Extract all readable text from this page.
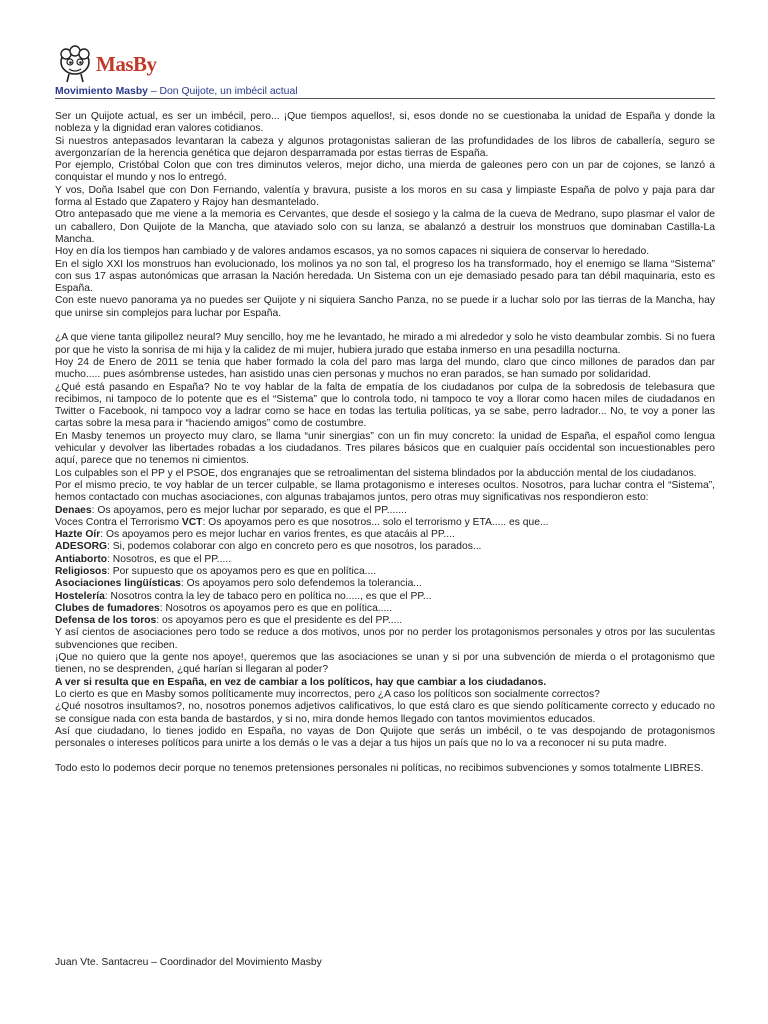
MasBy
Movimiento Masby – Don Quijote, un imbécil actual

Ser un Quijote actual, es ser un imbécil, pero... ¡Que tiempos aquellos!, si, esos donde no se cuestionaba la unidad de España y donde la nobleza y la dignidad eran valores cotidianos.

Si nuestros antepasados levantaran la cabeza y algunos protagonistas salieran de las profundidades de los libros de caballería, seguro se avergonzarían de la herencia genética que dejaron desparramada por estas tierras de España.

Por ejemplo, Cristóbal Colon que con tres diminutos veleros, mejor dicho, una mierda de galeones pero con un par de cojones, se lanzó a conquistar el mundo y nos lo entregó.

Y vos, Doña Isabel que con Don Fernando, valentía y bravura, pusiste a los moros en su casa y limpiaste España de polvo y paja para dar forma al Estado que Zapatero y Rajoy han desmantelado.

Otro antepasado que me viene a la memoria es Cervantes, que desde el sosiego y la calma de la cueva de Medrano, supo plasmar el valor de un caballero, Don Quijote de la Mancha, que ataviado solo con su lanza, se abalanzó a destruir los monstruos que dominaban Castilla-La Mancha.

Hoy en día los tiempos han cambiado y de valores andamos escasos, ya no somos capaces ni siquiera de conservar lo heredado.

En el siglo XXI los monstruos han evolucionado, los molinos ya no son tal, el progreso los ha transformado, hoy el enemigo se llama “Sistema” con sus 17 aspas autonómicas que arrasan la Nación heredada. Un Sistema con un eje demasiado pesado para tan débil maquinaria, esto es España.

Con este nuevo panorama ya no puedes ser Quijote y ni siquiera Sancho Panza, no se puede ir a luchar solo por las tierras de la Mancha, hay que unirse sin complejos para luchar por España.

¿A que viene tanta gilipollez neural? Muy sencillo, hoy me he levantado, he mirado a mi alrededor y solo he visto deambular zombis. Si no fuera por que he visto la sonrisa de mi hija y la calidez de mi mujer, hubiera jurado que estaba inmerso en una pesadilla nocturna.

Hoy 24 de Enero de 2011 se tenia que haber formado la cola del paro mas larga del mundo, claro que cinco millones de parados dan par mucho..... pues asómbrense ustedes, han asistido unas cien personas y muchos no eran parados, se han sumado por solidaridad.

¿Qué está pasando en España? No te voy hablar de la falta de empatía de los ciudadanos por culpa de la sobredosis de telebasura que recibimos, ni tampoco de lo potente que es el “Sistema” que lo controla todo, ni tampoco te voy a llorar como hacen miles de ciudadanos en Twitter o Facebook, ni tampoco voy a ladrar como se hace en todas las tertulia políticas, ya se sabe, perro ladrador... No, te voy a poner las cartas sobre la mesa para ir “haciendo amigos” como de costumbre.

En Masby tenemos un proyecto muy claro, se llama “unir sinergias” con un fin muy concreto: la unidad de España, el español como lengua vehicular y devolver las libertades robadas a los ciudadanos. Tres pilares básicos que en cualquier país occidental son incuestionables pero aquí, parece que no tenemos ni cimientos.

Los culpables son el PP y el PSOE, dos engranajes que se retroalimentan del sistema blindados por la abducción mental de los ciudadanos.

Por el mismo precio, te voy hablar de un tercer culpable, se llama protagonismo e intereses ocultos. Nosotros, para luchar contra el “Sistema”, hemos contactado con muchas asociaciones, con algunas trabajamos juntos, pero otras muy significativas nos respondieron esto:

Denaes: Os apoyamos, pero es mejor luchar por separado, es que el PP.......

Voces Contra el Terrorismo VCT: Os apoyamos pero es que nosotros... solo el terrorismo y ETA..... es que...

Hazte Oír: Os apoyamos pero es mejor luchar en varios frentes, es que atacáis al PP....

ADESORG: Si, podemos colaborar con algo en concreto pero es que nosotros, los parados...

Antiaborto: Nosotros, es que el PP.....

Religiosos: Por supuesto que os apoyamos pero es que en política....

Asociaciones lingüísticas: Os apoyamos pero solo defendemos la tolerancia...

Hostelería: Nosotros contra la ley de tabaco pero en política no....., es que el PP...

Clubes de fumadores: Nosotros os apoyamos pero es que en política.....

Defensa de los toros: os apoyamos pero es que el presidente es del PP.....

Y así cientos de asociaciones pero todo se reduce a dos motivos, unos por no perder los protagonismos personales y otros por las suculentas subvenciones que reciben.

¡Que no quiero que la gente nos apoye!, queremos que las asociaciones se unan y si por una subvención de mierda o el protagonismo que tienen, no se desprenden, ¿qué harían si llegaran al poder?

A ver si resulta que en España, en vez de cambiar a los políticos, hay que cambiar a los ciudadanos.

Lo cierto es que en Masby somos políticamente muy incorrectos, pero ¿A caso los políticos son socialmente correctos?

¿Qué nosotros insultamos?, no, nosotros ponemos adjetivos calificativos, lo que está claro es que siendo políticamente correcto y educado no se consigue nada con esta banda de bastardos, y si no, mira donde hemos llegado con tantos movimientos educados.

Así que ciudadano, lo tienes jodido en España, no vayas de Don Quijote que serás un imbécil, o te vas despojando de protagonismos personales o intereses políticos para unirte a los demás o le vas a dejar a tus hijos un país que no lo va a reconocer ni su puta madre.

Todo esto lo podemos decir porque no tenemos pretensiones personales ni políticas, no recibimos subvenciones y somos totalmente LIBRES.

Juan Vte. Santacreu – Coordinador del Movimiento Masby
